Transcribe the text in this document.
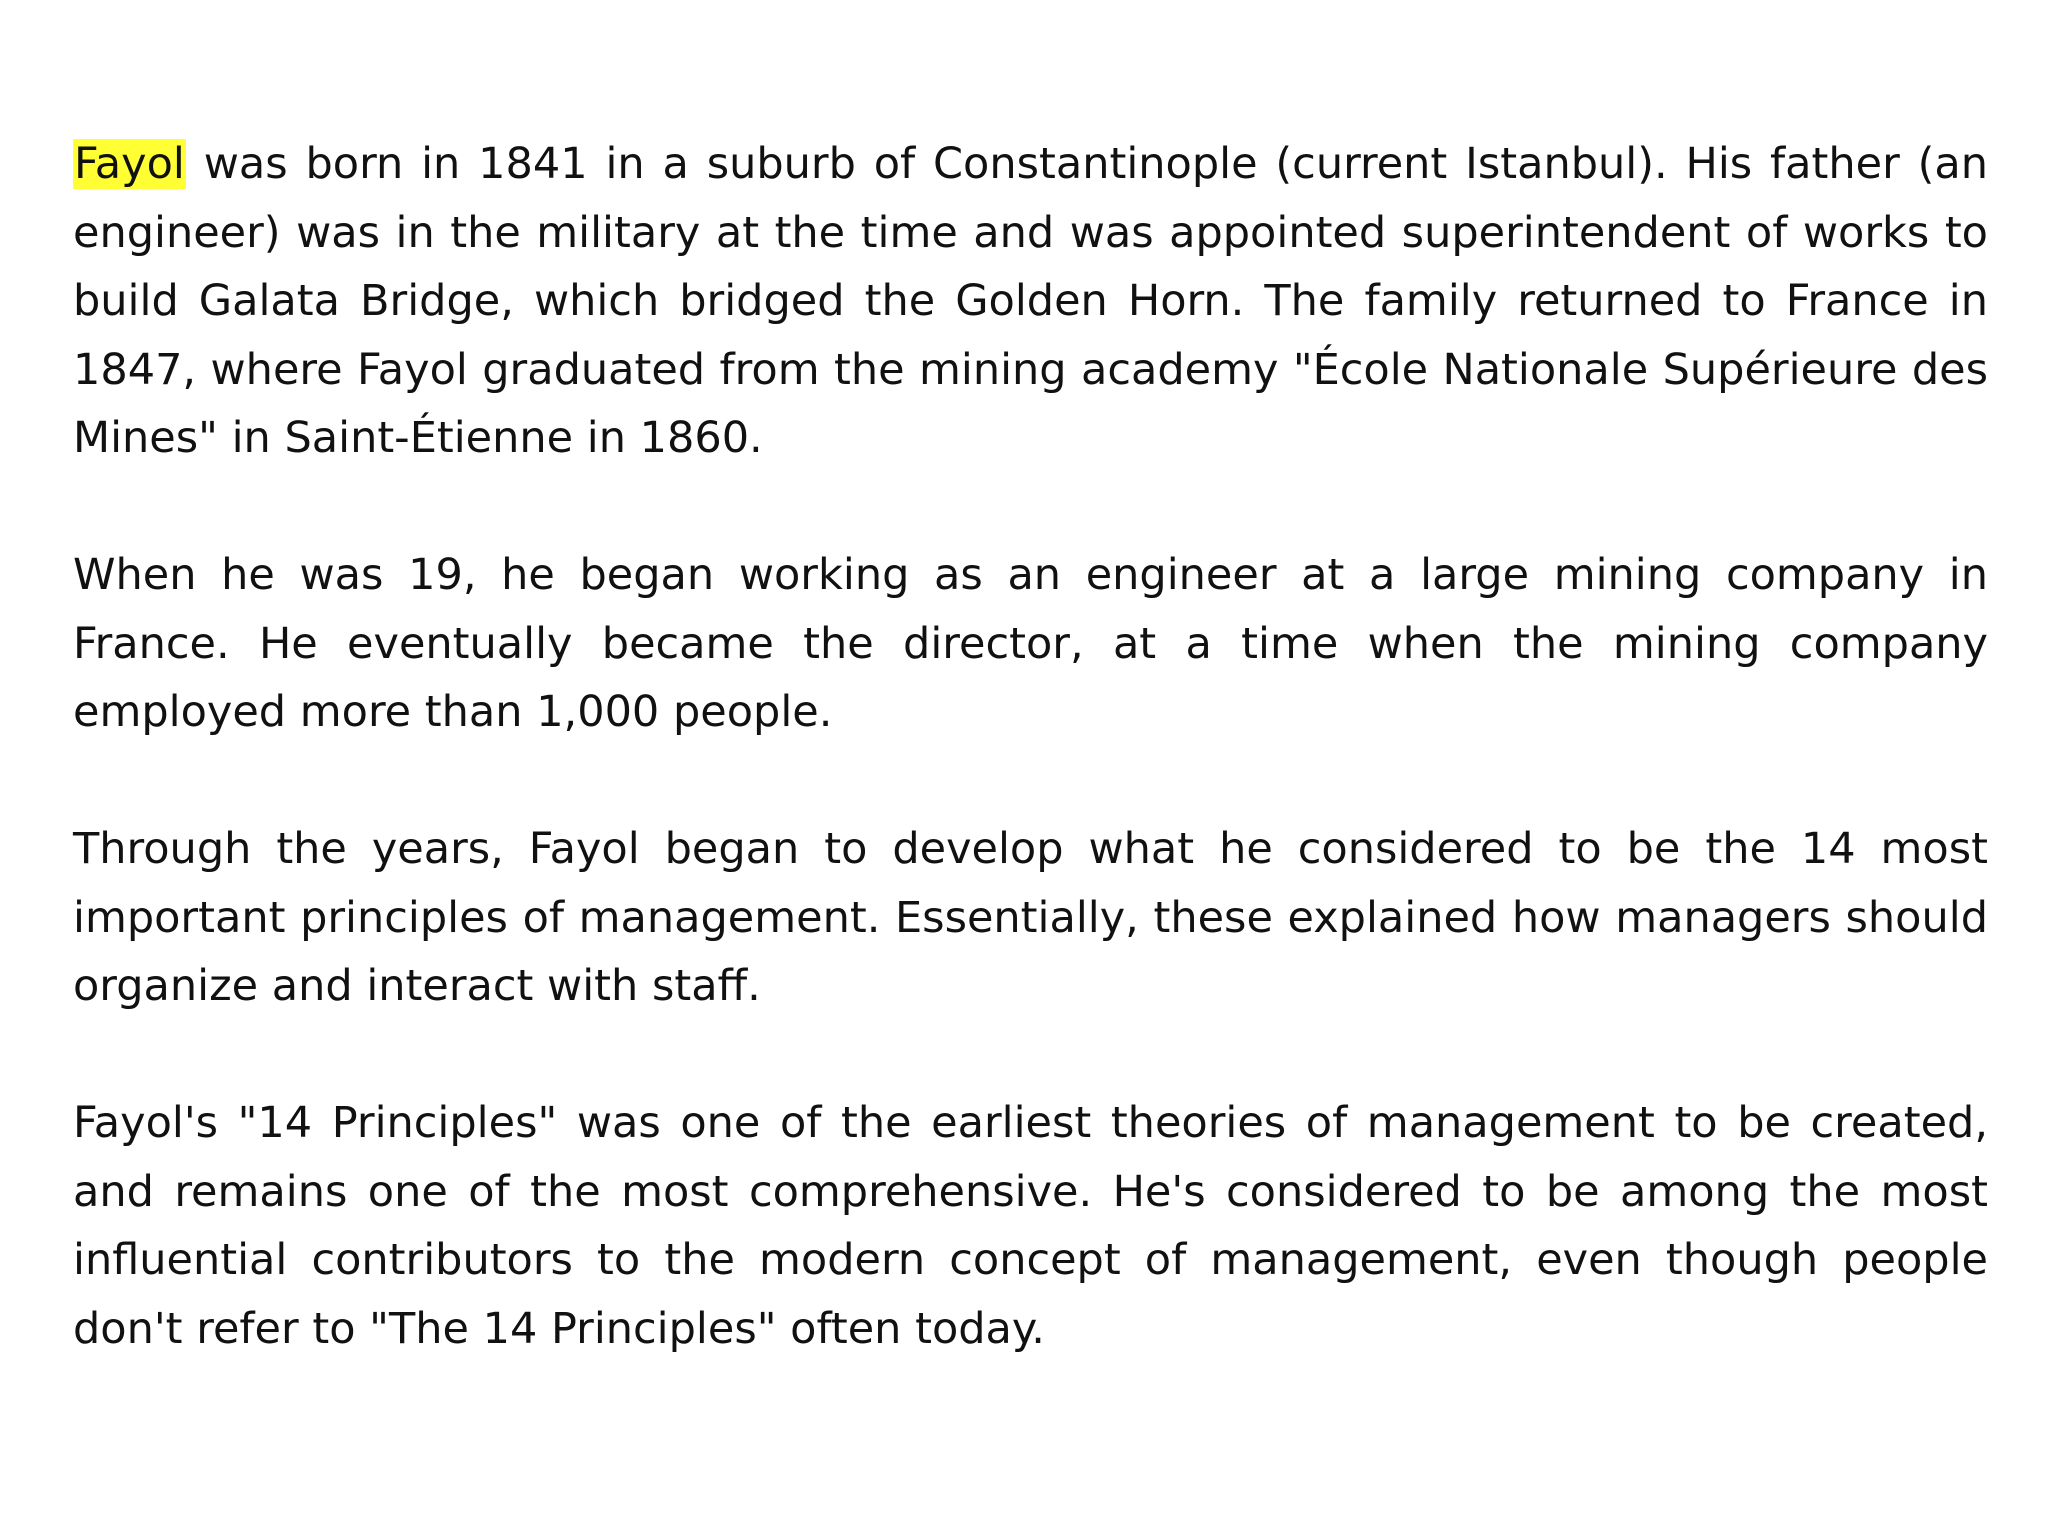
Fayol was born in 1841 in a suburb of Constantinople (current Istanbul). His father (an engineer) was in the military at the time and was appointed superintendent of works to build Galata Bridge, which bridged the Golden Horn. The family returned to France in 1847, where Fayol graduated from the mining academy "École Nationale Supérieure des Mines" in Saint-Étienne in 1860.

When he was 19, he began working as an engineer at a large mining company in France. He eventually became the director, at a time when the mining company employed more than 1,000 people.

Through the years, Fayol began to develop what he considered to be the 14 most important principles of management. Essentially, these explained how managers should organize and interact with staff.

Fayol's "14 Principles" was one of the earliest theories of management to be created, and remains one of the most comprehensive. He's considered to be among the most influential contributors to the modern concept of management, even though people don't refer to "The 14 Principles" often today.
